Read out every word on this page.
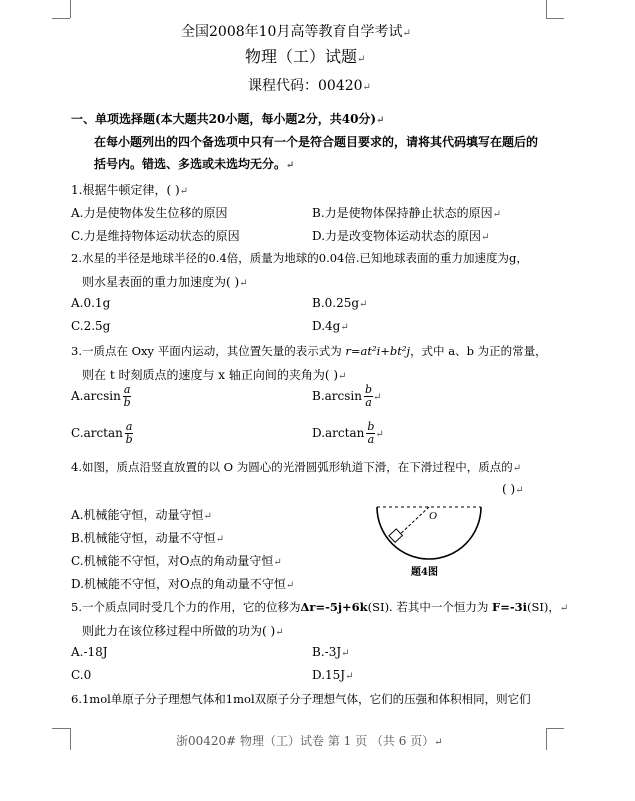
全国2008年10月高等教育自学考试↵
物理（工）试题↵
课程代码：00420↵
一、单项选择题(本大题共20小题，每小题2分，共40分)↵
在每小题列出的四个备选项中只有一个是符合题目要求的，请将其代码填写在题后的
括号内。错选、多选或未选均无分。↵
1.根据牛顿定律，( )↵
A.力是使物体发生位移的原因	B.力是使物体保持静止状态的原因↵
C.力是维持物体运动状态的原因	D.力是改变物体运动状态的原因↵
2.水星的半径是地球半径的0.4倍，质量为地球的0.04倍.已知地球表面的重力加速度为g，
则水星表面的重力加速度为( )↵
A.0.1g	B.0.25g↵
C.2.5g	D.4g↵
3.一质点在 Oxy 平面内运动，其位置矢量的表示式为 r=at²i+bt²j，式中 a、b 为正的常量，
则在 t 时刻质点的速度与 x 轴正向间的夹角为( )↵
$A.\arcsin \frac{a}{b}$	$B.\arcsin \frac{b}{a}$ ↵
$C.\arctan \frac{a}{b}$	$D.\arctan \frac{b}{a}$ ↵
4.如图，质点沿竖直放置的以 O 为圆心的光滑圆弧形轨道下滑，在下滑过程中，质点的↵
( )↵
A.机械能守恒，动量守恒↵
B.机械能守恒，动量不守恒↵
C.机械能不守恒，对O点的角动量守恒↵
D.机械能不守恒，对O点的角动量不守恒↵
O
题4图
5.一个质点同时受几个力的作用，它的位移为Δr=-5j+6k(SI). 若其中一个恒力为 F=-3i(SI)，↵
则此力在该位移过程中所做的功为( )↵
A.-18J	B.-3J↵
C.0	D.15J↵
6.1mol单原子分子理想气体和1mol双原子分子理想气体，它们的压强和体积相同，则它们
浙00420# 物理（工）试卷 第 1 页 （共 6 页）↵
